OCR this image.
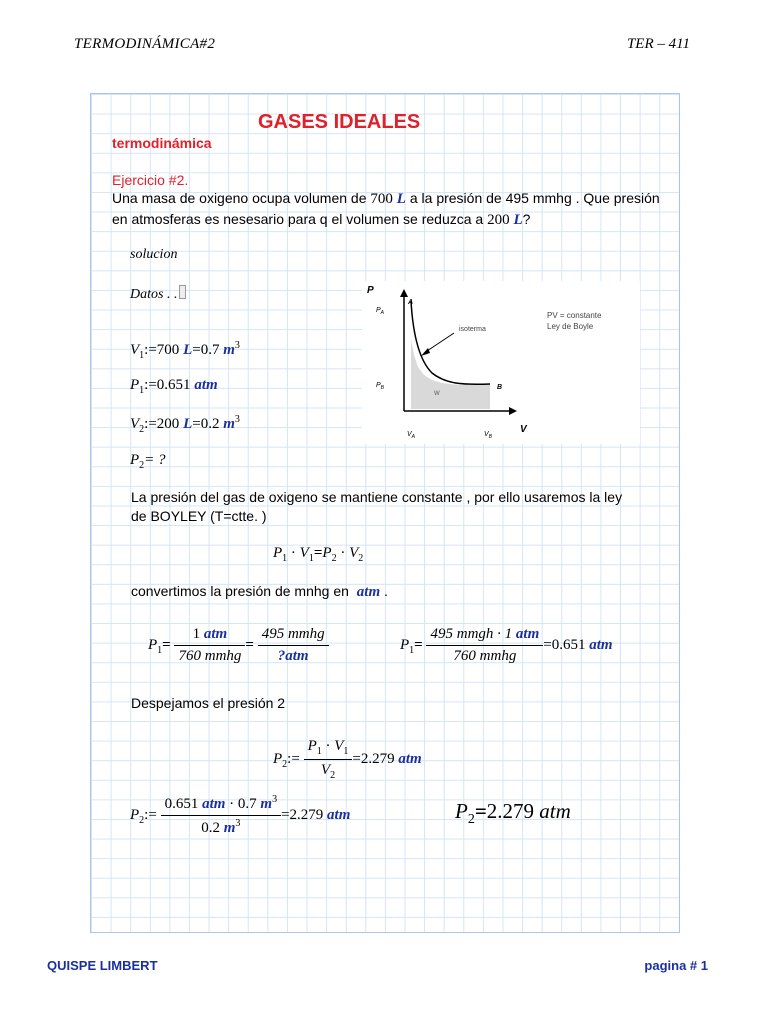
TERMODINÁMICA#2	TER – 411
GASES IDEALES
termodinámica
Ejercicio #2.
Una masa de oxigeno ocupa volumen de 700 L a la presión de 495 mmhg . Que presión
en atmosferas es nesesario para q el volumen se reduzca a 200 L?
solucion
Datos . .
$V_1:=700$ L=0.7 $m^3$
$P_1:=0.651$ atm
$V_2:=200$ L=0.2 $m^3$
$P_2=$ ?
P
V
$P_A$
$P_B$
$V_A$	$V_B$
A
B
isoterma
W
PV = constante
Ley de Boyle
La presión del gas de oxigeno se mantiene constante , por ello usaremos la ley
de BOYLEY (T=ctte. )
$P_1 \cdot V_1=P_2 \cdot V_2$
convertimos la presión de mnhg en atm .
$P_1= \frac{\text{1 atm}}{\text{760 mmhg}} = \frac{\text{495 mmhg}}{\text{?atm}}$	$P_1= \frac{\text{495 mmgh · 1 atm}}{\text{760 mmhg}} =0.651$ atm
Despejamos el presión 2
$P_2:= \frac{P_1 \cdot V_1}{V_2} =2.279$ atm
$P_2:= \frac{0.651 atm \cdot 0.7 m^3}{0.2 m^3} =2.279$ atm	$P_2=2.279$ atm
QUISPE LIMBERT	pagina # 1
